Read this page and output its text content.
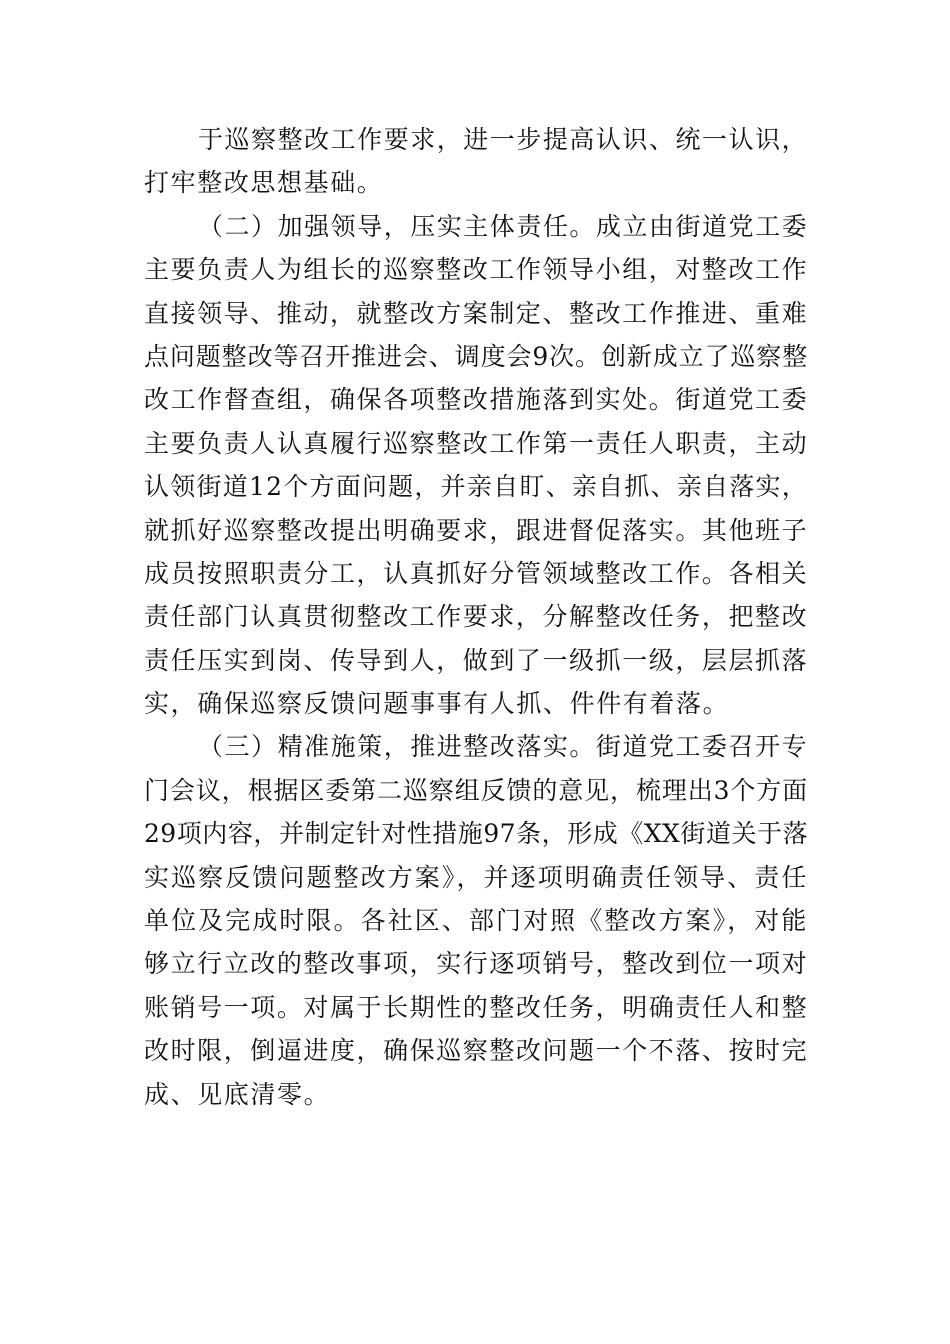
于巡察整改工作要求，进一步提高认识、统一认识，
打牢整改思想基础。
（二）加强领导，压实主体责任。成立由街道党工委
主要负责人为组长的巡察整改工作领导小组，对整改工作
直接领导、推动，就整改方案制定、整改工作推进、重难
点问题整改等召开推进会、调度会9次。创新成立了巡察整
改工作督查组，确保各项整改措施落到实处。街道党工委
主要负责人认真履行巡察整改工作第一责任人职责，主动
认领街道12个方面问题，并亲自盯、亲自抓、亲自落实，
就抓好巡察整改提出明确要求，跟进督促落实。其他班子
成员按照职责分工，认真抓好分管领域整改工作。各相关
责任部门认真贯彻整改工作要求，分解整改任务，把整改
责任压实到岗、传导到人，做到了一级抓一级，层层抓落
实，确保巡察反馈问题事事有人抓、件件有着落。
（三）精准施策，推进整改落实。街道党工委召开专
门会议，根据区委第二巡察组反馈的意见，梳理出3个方面
29项内容，并制定针对性措施97条，形成《XX街道关于落
实巡察反馈问题整改方案》，并逐项明确责任领导、责任
单位及完成时限。各社区、部门对照《整改方案》，对能
够立行立改的整改事项，实行逐项销号，整改到位一项对
账销号一项。对属于长期性的整改任务，明确责任人和整
改时限，倒逼进度，确保巡察整改问题一个不落、按时完
成、见底清零。
